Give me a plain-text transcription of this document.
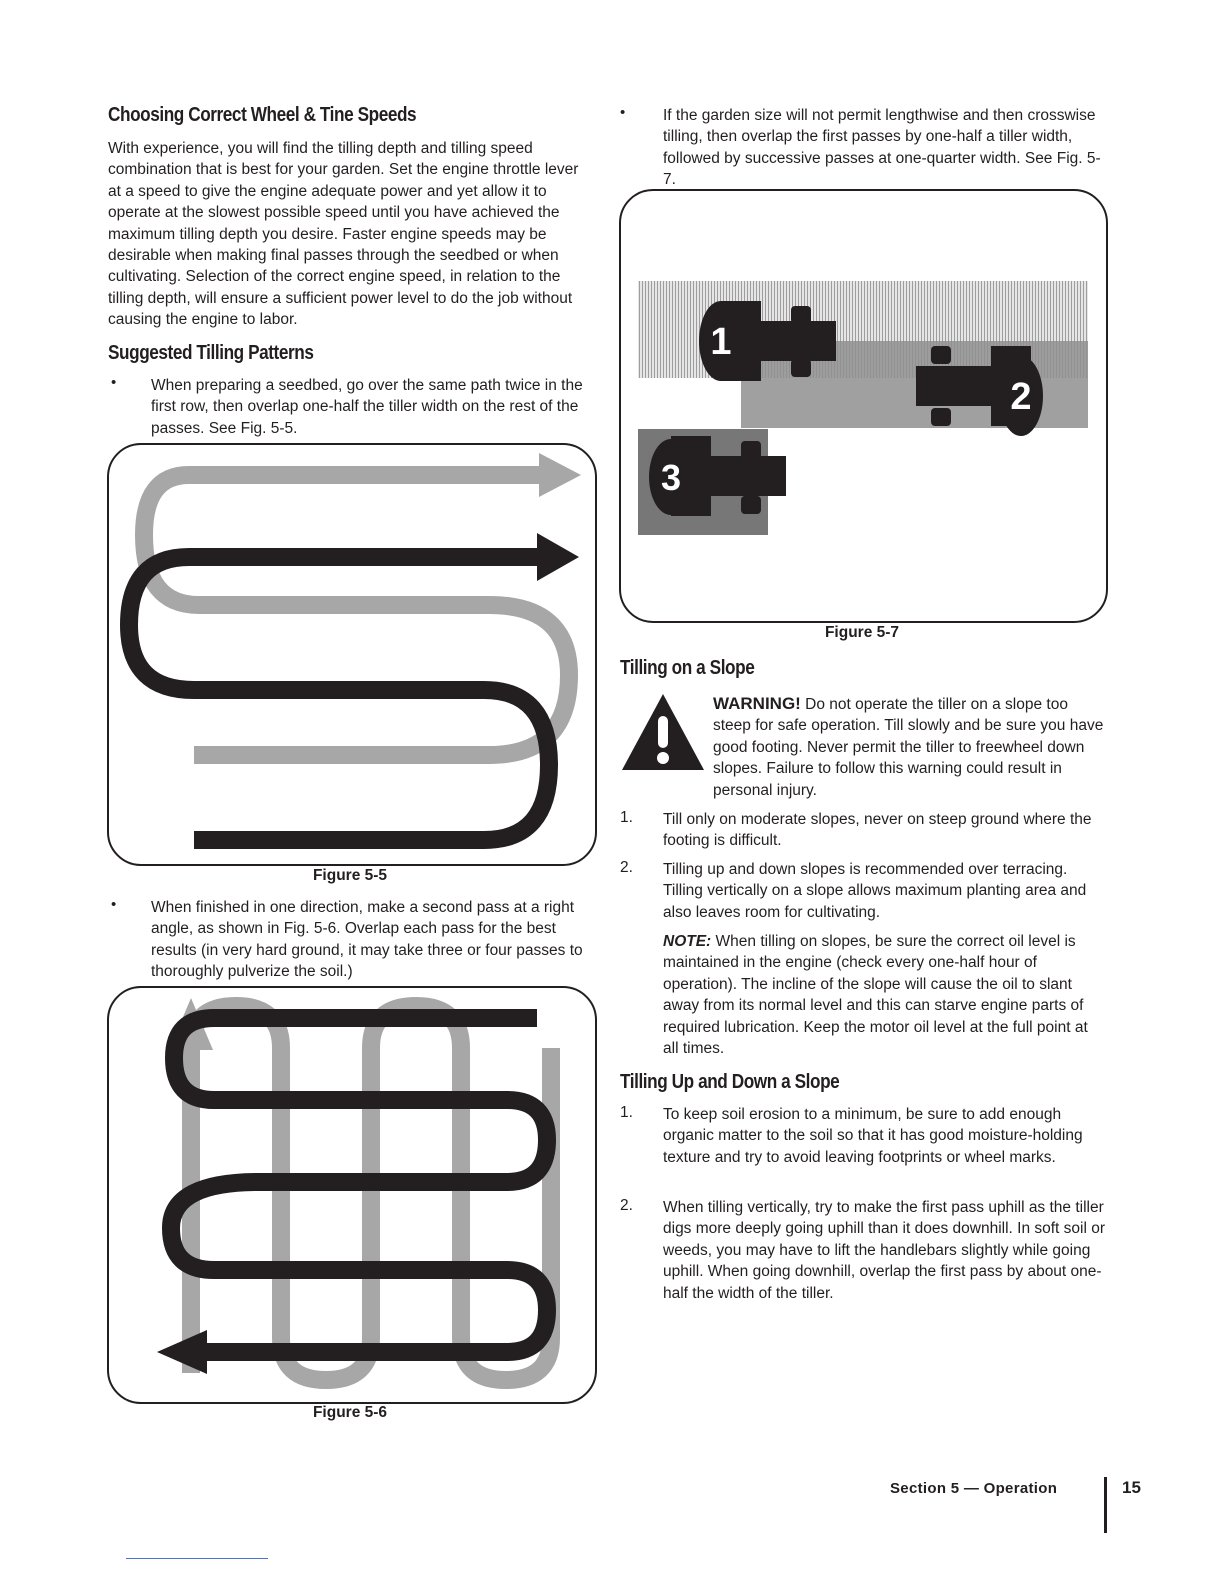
Choosing Correct Wheel & Tine Speeds
With experience, you will find the tilling depth and tilling speed combination that is best for your garden. Set the engine throttle lever at a speed to give the engine adequate power and yet allow it to operate at the slowest possible speed until you have achieved the maximum tilling depth you desire. Faster engine speeds may be desirable when making final passes through the seedbed or when cultivating. Selection of the correct engine speed, in relation to the tilling depth, will ensure a sufficient power level to do the job without causing the engine to labor.
Suggested Tilling Patterns
• When preparing a seedbed, go over the same path twice in the first row, then overlap one-half the tiller width on the rest of the passes. See Fig. 5-5.
Figure 5-5
• When finished in one direction, make a second pass at a right angle, as shown in Fig. 5-6. Overlap each pass for the best results (in very hard ground, it may take three or four passes to thoroughly pulverize the soil.)
Figure 5-6
• If the garden size will not permit lengthwise and then crosswise tilling, then overlap the first passes by one-half a tiller width, followed by successive passes at one-quarter width. See Fig. 5-7.
1
2
3
Figure 5-7
Tilling on a Slope
WARNING! Do not operate the tiller on a slope too steep for safe operation. Till slowly and be sure you have good footing. Never permit the tiller to freewheel down slopes. Failure to follow this warning could result in personal injury.
1. Till only on moderate slopes, never on steep ground where the footing is difficult.
2. Tilling up and down slopes is recommended over terracing. Tilling vertically on a slope allows maximum planting area and also leaves room for cultivating.
NOTE: When tilling on slopes, be sure the correct oil level is maintained in the engine (check every one-half hour of operation). The incline of the slope will cause the oil to slant away from its normal level and this can starve engine parts of required lubrication. Keep the motor oil level at the full point at all times.
Tilling Up and Down a Slope
1. To keep soil erosion to a minimum, be sure to add enough organic matter to the soil so that it has good moisture-holding texture and try to avoid leaving footprints or wheel marks.
2. When tilling vertically, try to make the first pass uphill as the tiller digs more deeply going uphill than it does downhill. In soft soil or weeds, you may have to lift the handlebars slightly while going uphill. When going downhill, overlap the first pass by about one-half the width of the tiller.
Section 5 — Operation	15
